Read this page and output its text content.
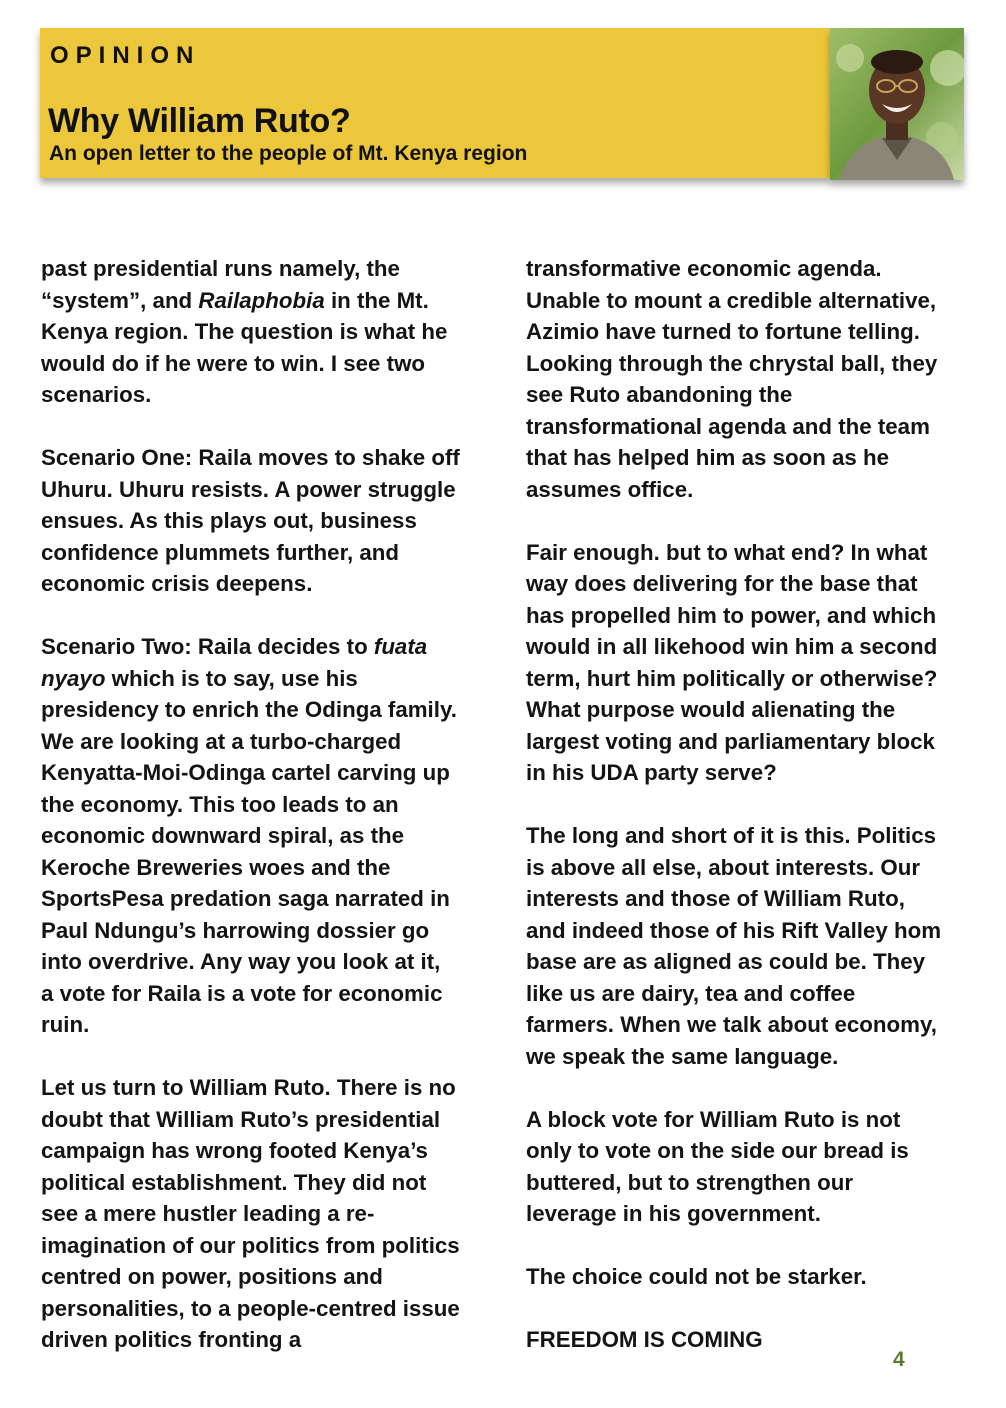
OPINION
Why William Ruto?
An open letter to the people of Mt. Kenya region

past presidential runs namely, the
“system”, and Railaphobia in the Mt.
Kenya region. The question is what he
would do if he were to win. I see two
scenarios.

Scenario One: Raila moves to shake off
Uhuru. Uhuru resists. A power struggle
ensues. As this plays out, business
confidence plummets further, and
economic crisis deepens.

Scenario Two: Raila decides to fuata
nyayo which is to say, use his
presidency to enrich the Odinga family.
We are looking at a turbo-charged
Kenyatta-Moi-Odinga cartel carving up
the economy. This too leads to an
economic downward spiral, as the
Keroche Breweries woes and the
SportsPesa predation saga narrated in
Paul Ndungu’s harrowing dossier go
into overdrive. Any way you look at it,
a vote for Raila is a vote for economic
ruin.

Let us turn to William Ruto. There is no
doubt that William Ruto’s presidential
campaign has wrong footed Kenya’s
political establishment. They did not
see a mere hustler leading a re-
imagination of our politics from politics
centred on power, positions and
personalities, to a people-centred issue
driven politics fronting a

transformative economic agenda.
Unable to mount a credible alternative,
Azimio have turned to fortune telling.
Looking through the chrystal ball, they
see Ruto abandoning the
transformational agenda and the team
that has helped him as soon as he
assumes office.

Fair enough. but to what end? In what
way does delivering for the base that
has propelled him to power, and which
would in all likehood win him a second
term, hurt him politically or otherwise?
What purpose would alienating the
largest voting and parliamentary block
in his UDA party serve?

The long and short of it is this. Politics
is above all else, about interests. Our
interests and those of William Ruto,
and indeed those of his Rift Valley hom
base are as aligned as could be. They
like us are dairy, tea and coffee
farmers. When we talk about economy,
we speak the same language.

A block vote for William Ruto is not
only to vote on the side our bread is
buttered, but to strengthen our
leverage in his government.

The choice could not be starker.

FREEDOM IS COMING

4
